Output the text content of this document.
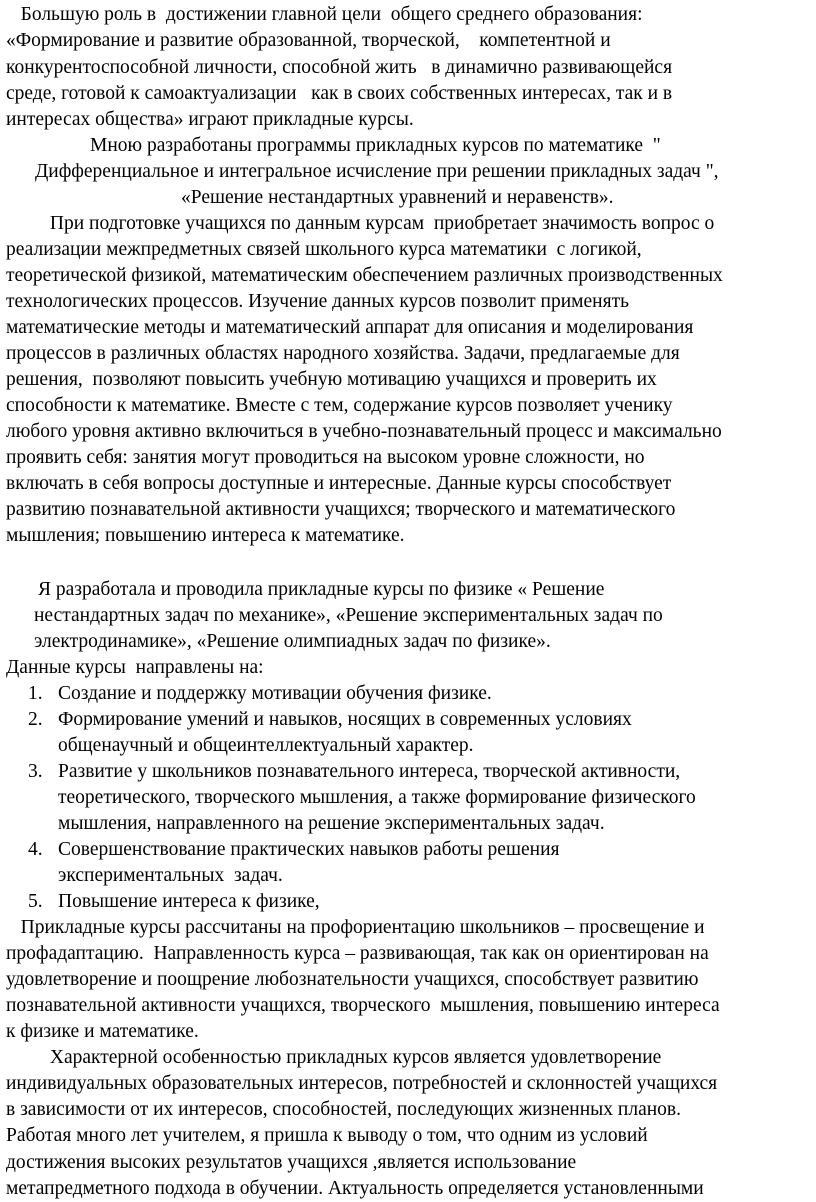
Большую роль в  достижении главной цели  общего среднего образования:
«Формирование и развитие образованной, творческой,    компетентной и
конкурентоспособной личности, способной жить   в динамично развивающейся
среде, готовой к самоактуализации   как в своих собственных интересах, так и в
интересах общества» играют прикладные курсы.
Мною разработаны программы прикладных курсов по математике  "
Дифференциальное и интегральное исчисление при решении прикладных задач ",
«Решение нестандартных уравнений и неравенств».
При подготовке учащихся по данным курсам  приобретает значимость вопрос о
реализации межпредметных связей школьного курса математики  с логикой,
теоретической физикой, математическим обеспечением различных производственных
технологических процессов. Изучение данных курсов позволит применять
математические методы и математический аппарат для описания и моделирования
процессов в различных областях народного хозяйства. Задачи, предлагаемые для
решения,  позволяют повысить учебную мотивацию учащихся и проверить их
способности к математике. Вместе с тем, содержание курсов позволяет ученику
любого уровня активно включиться в учебно-познавательный процесс и максимально
проявить себя: занятия могут проводиться на высоком уровне сложности, но
включать в себя вопросы доступные и интересные. Данные курсы способствует
развитию познавательной активности учащихся; творческого и математического
мышления; повышению интереса к математике.
Я разработала и проводила прикладные курсы по физике « Решение
нестандартных задач по механике», «Решение экспериментальных задач по
электродинамике», «Решение олимпиадных задач по физике».
Данные курсы  направлены на:
1. Создание и поддержку мотивации обучения физике.
2. Формирование умений и навыков, носящих в современных условиях
общенаучный и общеинтеллектуальный характер.
3. Развитие у школьников познавательного интереса, творческой активности,
теоретического, творческого мышления, а также формирование физического
мышления, направленного на решение экспериментальных задач.
4. Совершенствование практических навыков работы решения
экспериментальных  задач.
5. Повышение интереса к физике,
Прикладные курсы рассчитаны на профориентацию школьников – просвещение и
профадаптацию.  Направленность курса – развивающая, так как он ориентирован на
удовлетворение и поощрение любознательности учащихся, способствует развитию
познавательной активности учащихся, творческого  мышления, повышению интереса
к физике и математике.
Характерной особенностью прикладных курсов является удовлетворение
индивидуальных образовательных интересов, потребностей и склонностей учащихся
в зависимости от их интересов, способностей, последующих жизненных планов.
Работая много лет учителем, я пришла к выводу о том, что одним из условий
достижения высоких результатов учащихся ,является использование
метапредметного подхода в обучении. Актуальность определяется установленными
